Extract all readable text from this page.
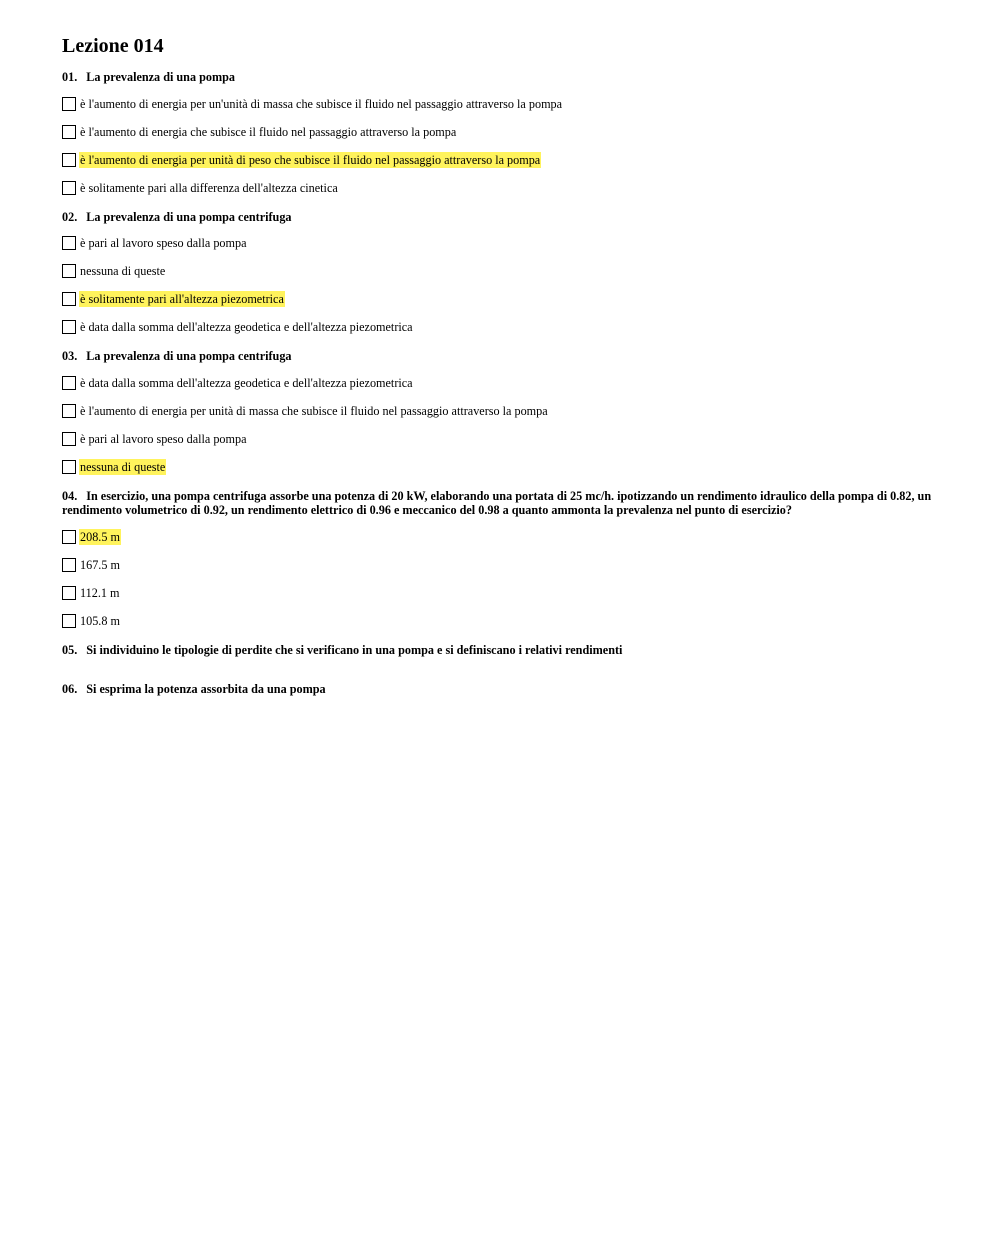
Lezione 014
01. La prevalenza di una pompa
è l'aumento di energia per un'unità di massa che subisce il fluido nel passaggio attraverso la pompa
è l'aumento di energia che subisce il fluido nel passaggio attraverso la pompa
è l'aumento di energia per unità di peso che subisce il fluido nel passaggio attraverso la pompa
è solitamente pari alla differenza dell'altezza cinetica
02. La prevalenza di una pompa centrifuga
è pari al lavoro speso dalla pompa
nessuna di queste
è solitamente pari all'altezza piezometrica
è data dalla somma dell'altezza geodetica e dell'altezza piezometrica
03. La prevalenza di una pompa centrifuga
è data dalla somma dell'altezza geodetica e dell'altezza piezometrica
è l'aumento di energia per unità di massa che subisce il fluido nel passaggio attraverso la pompa
è pari al lavoro speso dalla pompa
nessuna di queste
04. In esercizio, una pompa centrifuga assorbe una potenza di 20 kW, elaborando una portata di 25 mc/h. ipotizzando un rendimento idraulico della pompa di 0.82, un rendimento volumetrico di 0.92, un rendimento elettrico di 0.96 e meccanico del 0.98 a quanto ammonta la prevalenza nel punto di esercizio?
208.5 m
167.5 m
112.1 m
105.8 m
05. Si individuino le tipologie di perdite che si verificano in una pompa e si definiscano i relativi rendimenti
06. Si esprima la potenza assorbita da una pompa
